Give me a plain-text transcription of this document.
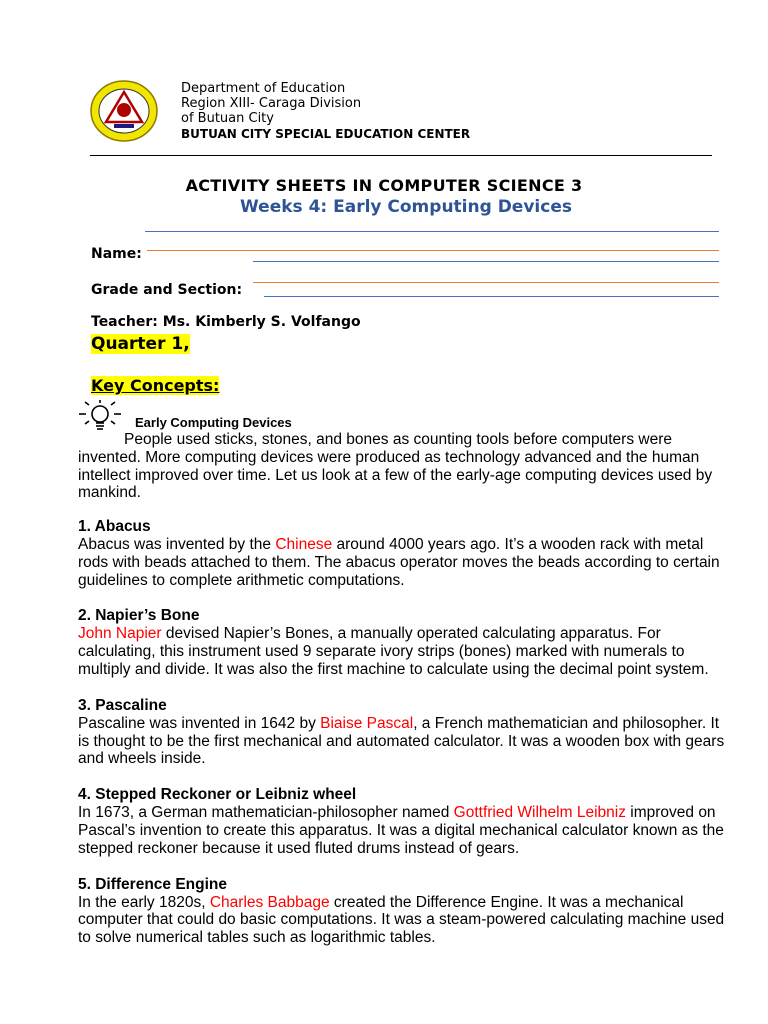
Department of Education
Region XIII- Caraga Division
of Butuan City
BUTUAN CITY SPECIAL EDUCATION CENTER
ACTIVITY SHEETS IN COMPUTER SCIENCE 3
Weeks 4: Early Computing Devices
Name:
Grade and Section:
Teacher: Ms. Kimberly S. Volfango
Quarter 1,
Key Concepts:
Early Computing Devices
People used sticks, stones, and bones as counting tools before computers were invented. More computing devices were produced as technology advanced and the human intellect improved over time. Let us look at a few of the early-age computing devices used by mankind.
1. Abacus

Abacus was invented by the Chinese around 4000 years ago. It’s a wooden rack with metal rods with beads attached to them. The abacus operator moves the beads according to certain guidelines to complete arithmetic computations.

2. Napier’s Bone

John Napier devised Napier’s Bones, a manually operated calculating apparatus. For calculating, this instrument used 9 separate ivory strips (bones) marked with numerals to multiply and divide. It was also the first machine to calculate using the decimal point system.

3. Pascaline

Pascaline was invented in 1642 by Biaise Pascal, a French mathematician and philosopher. It is thought to be the first mechanical and automated calculator. It was a wooden box with gears and wheels inside.

4. Stepped Reckoner or Leibniz wheel

In 1673, a German mathematician-philosopher named Gottfried Wilhelm Leibniz improved on Pascal’s invention to create this apparatus. It was a digital mechanical calculator known as the stepped reckoner because it used fluted drums instead of gears.

5. Difference Engine

In the early 1820s, Charles Babbage created the Difference Engine. It was a mechanical computer that could do basic computations. It was a steam-powered calculating machine used to solve numerical tables such as logarithmic tables.
